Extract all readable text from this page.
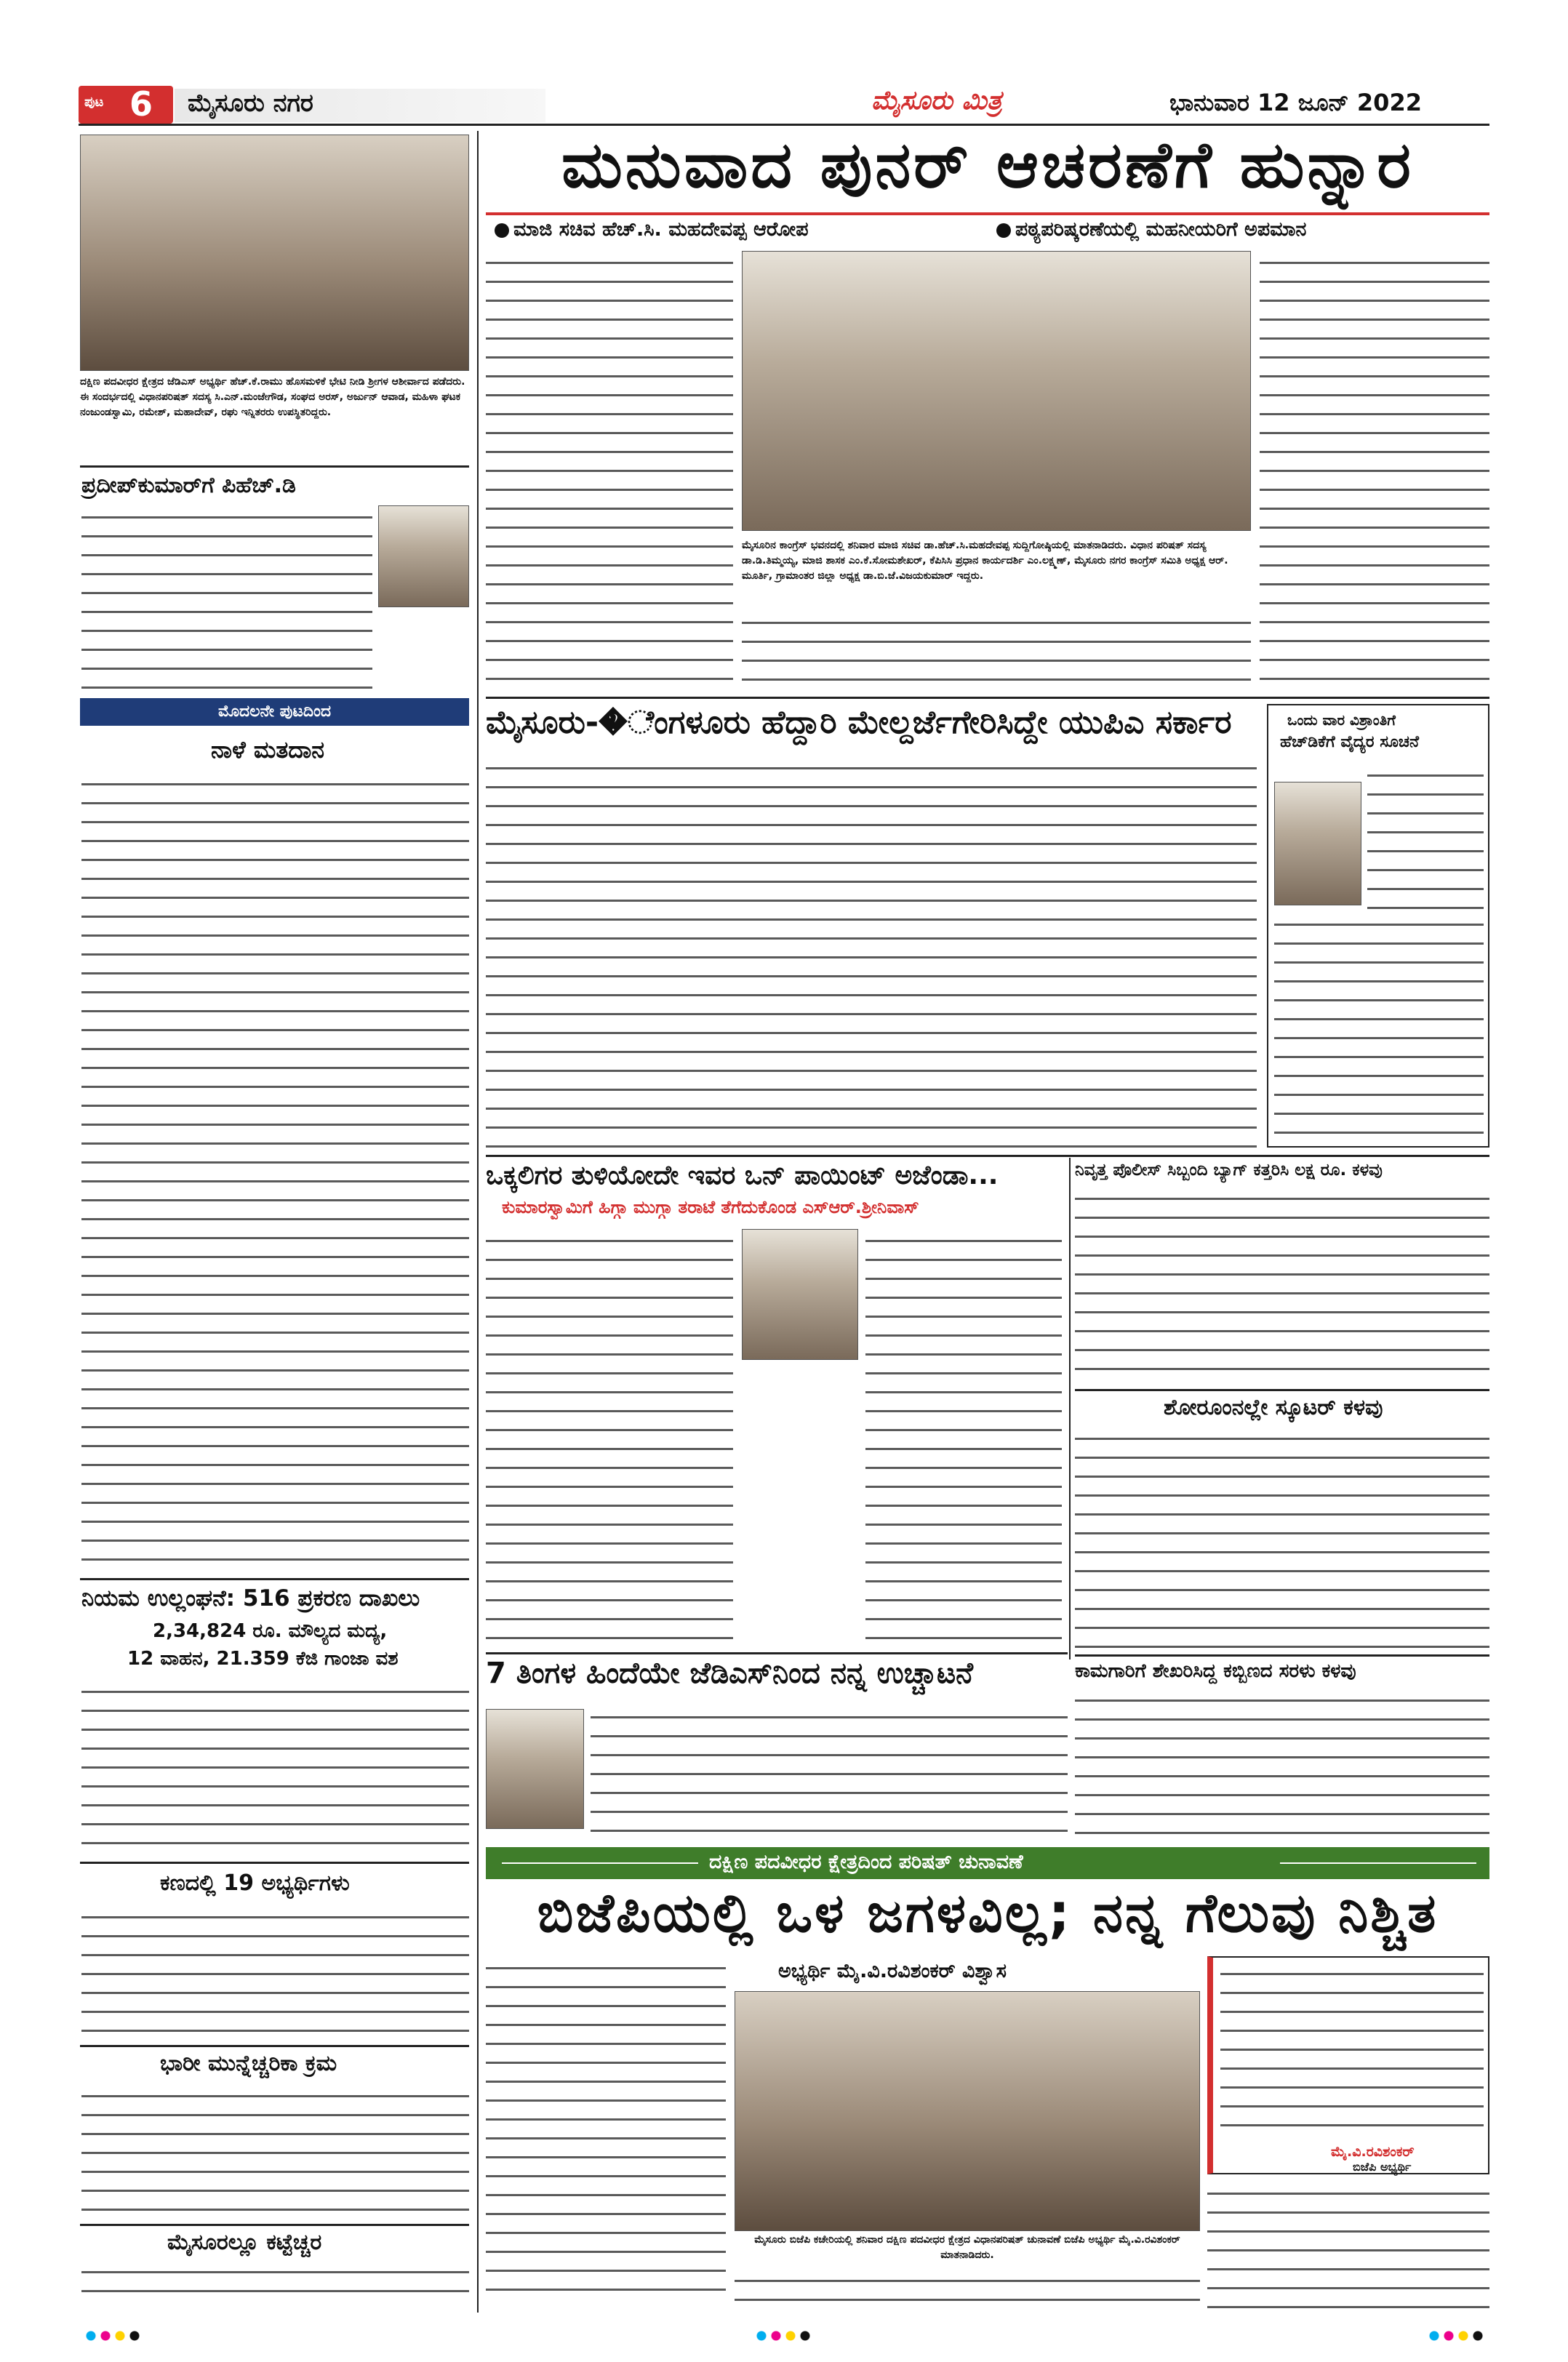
ಪುಟ 6 ಮೈಸೂರು ನಗರ	ಮೈಸೂರು ಮಿತ್ರ	ಭಾನುವಾರ 12 ಜೂನ್ 2022
ದಕ್ಷಿಣ ಪದವೀಧರ ಕ್ಷೇತ್ರದ ಜೆಡಿಎಸ್ ಅಭ್ಯರ್ಥಿ ಹೆಚ್.ಕೆ.ರಾಮು ಹೊಸಮಳಿಕೆ ಭೇಟಿ ನೀಡಿ ಶ್ರೀಗಳ ಆಶೀರ್ವಾದ ಪಡೆದರು. ಈ ಸಂದರ್ಭದಲ್ಲಿ ವಿಧಾನಪರಿಷತ್ ಸದಸ್ಯ ಸಿ.ಎನ್.ಮಂಜೇಗೌಡ, ಸಂಘದ ಅರಸ್, ಅರ್ಜುನ್ ಆವಾಡ, ಮಹಿಳಾ ಘಟಕ ನಂಜುಂಡಸ್ವಾಮಿ, ರಮೇಶ್, ಮಹಾದೇವ್, ರಘು ಇನ್ನಿತರರು ಉಪಸ್ಥಿತರಿದ್ದರು.
ಪ್ರದೀಪ್‌ಕುಮಾರ್‌ಗೆ ಪಿಹೆಚ್.ಡಿ
ಮೊದಲನೇ ಪುಟದಿಂದ
ನಾಳೆ ಮತದಾನ
ನಿಯಮ ಉಲ್ಲಂಘನೆ: 516 ಪ್ರಕರಣ ದಾಖಲು
2,34,824 ರೂ. ಮೌಲ್ಯದ ಮದ್ಯ,
12 ವಾಹನ, 21.359 ಕೆಜಿ ಗಾಂಜಾ ವಶ
ಕಣದಲ್ಲಿ 19 ಅಭ್ಯರ್ಥಿಗಳು
ಭಾರೀ ಮುನ್ನೆಚ್ಚರಿಕಾ ಕ್ರಮ
ಮೈಸೂರಲ್ಲೂ ಕಟ್ಟೆಚ್ಚರ
ಮನುವಾದ ಪುನರ್ ಆಚರಣೆಗೆ ಹುನ್ನಾರ
ಮಾಜಿ ಸಚಿವ ಹೆಚ್.ಸಿ. ಮಹದೇವಪ್ಪ ಆರೋಪ	ಪಠ್ಯಪರಿಷ್ಕರಣೆಯಲ್ಲಿ ಮಹನೀಯರಿಗೆ ಅಪಮಾನ
ಮೈಸೂರಿನ ಕಾಂಗ್ರೆಸ್ ಭವನದಲ್ಲಿ ಶನಿವಾರ ಮಾಜಿ ಸಚಿವ ಡಾ.ಹೆಚ್.ಸಿ.ಮಹದೇವಪ್ಪ ಸುದ್ದಿಗೋಷ್ಠಿಯಲ್ಲಿ ಮಾತನಾಡಿದರು. ವಿಧಾನ ಪರಿಷತ್ ಸದಸ್ಯ ಡಾ.ಡಿ.ತಿಮ್ಮಯ್ಯ, ಮಾಜಿ ಶಾಸಕ ಎಂ.ಕೆ.ಸೋಮಶೇಖರ್, ಕೆಪಿಸಿಸಿ ಪ್ರಧಾನ ಕಾರ್ಯದರ್ಶಿ ಎಂ.ಲಕ್ಷ್ಮಣ್, ಮೈಸೂರು ನಗರ ಕಾಂಗ್ರೆಸ್ ಸಮಿತಿ ಅಧ್ಯಕ್ಷ ಆರ್. ಮೂರ್ತಿ, ಗ್ರಾಮಾಂತರ ಜಿಲ್ಲಾ ಅಧ್ಯಕ್ಷ ಡಾ.ಬಿ.ಜೆ.ವಿಜಯಕುಮಾರ್ ಇದ್ದರು.
ಮೈಸೂರು-�ೆಂಗಳೂರು ಹೆದ್ದಾರಿ ಮೇಲ್ದರ್ಜೆಗೇರಿಸಿದ್ದೇ ಯುಪಿಎ ಸರ್ಕಾರ	ಒಂದು ವಾರ ವಿಶ್ರಾಂತಿಗೆ
ಹೆಚ್‌ಡಿಕೆಗೆ ವೈದ್ಯರ ಸೂಚನೆ
ಒಕ್ಕಲಿಗರ ತುಳಿಯೋದೇ ಇವರ ಒನ್ ಪಾಯಿಂಟ್ ಅಜೆಂಡಾ...
ಕುಮಾರಸ್ವಾಮಿಗೆ ಹಿಗ್ಗಾ ಮುಗ್ಗಾ ತರಾಟೆ ತೆಗೆದುಕೊಂಡ ಎಸ್‌ಆರ್.ಶ್ರೀನಿವಾಸ್
ನಿವೃತ್ತ ಪೊಲೀಸ್ ಸಿಬ್ಬಂದಿ ಬ್ಯಾಗ್ ಕತ್ತರಿಸಿ ಲಕ್ಷ ರೂ. ಕಳವು
ಶೋರೂಂನಲ್ಲೇ ಸ್ಕೂಟರ್ ಕಳವು
ಕಾಮಗಾರಿಗೆ ಶೇಖರಿಸಿದ್ದ ಕಬ್ಬಿಣದ ಸರಳು ಕಳವು
7 ತಿಂಗಳ ಹಿಂದೆಯೇ ಜೆಡಿಎಸ್‌ನಿಂದ ನನ್ನ ಉಚ್ಚಾಟನೆ
ದಕ್ಷಿಣ ಪದವೀಧರ ಕ್ಷೇತ್ರದಿಂದ ಪರಿಷತ್ ಚುನಾವಣೆ
ಬಿಜೆಪಿಯಲ್ಲಿ ಒಳ ಜಗಳವಿಲ್ಲ; ನನ್ನ ಗೆಲುವು ನಿಶ್ಚಿತ
ಅಭ್ಯರ್ಥಿ ಮೈ.ವಿ.ರವಿಶಂಕರ್ ವಿಶ್ವಾಸ
ಮೈಸೂರು ಬಿಜೆಪಿ ಕಚೇರಿಯಲ್ಲಿ ಶನಿವಾರ ದಕ್ಷಿಣ ಪದವೀಧರ ಕ್ಷೇತ್ರದ ವಿಧಾನಪರಿಷತ್ ಚುನಾವಣೆ ಬಿಜೆಪಿ ಅಭ್ಯರ್ಥಿ ಮೈ.ವಿ.ರವಿಶಂಕರ್ ಮಾತನಾಡಿದರು.
ಮೈ.ವಿ.ರವಿಶಂಕರ್
ಬಿಜೆಪಿ ಅಭ್ಯರ್ಥಿ
